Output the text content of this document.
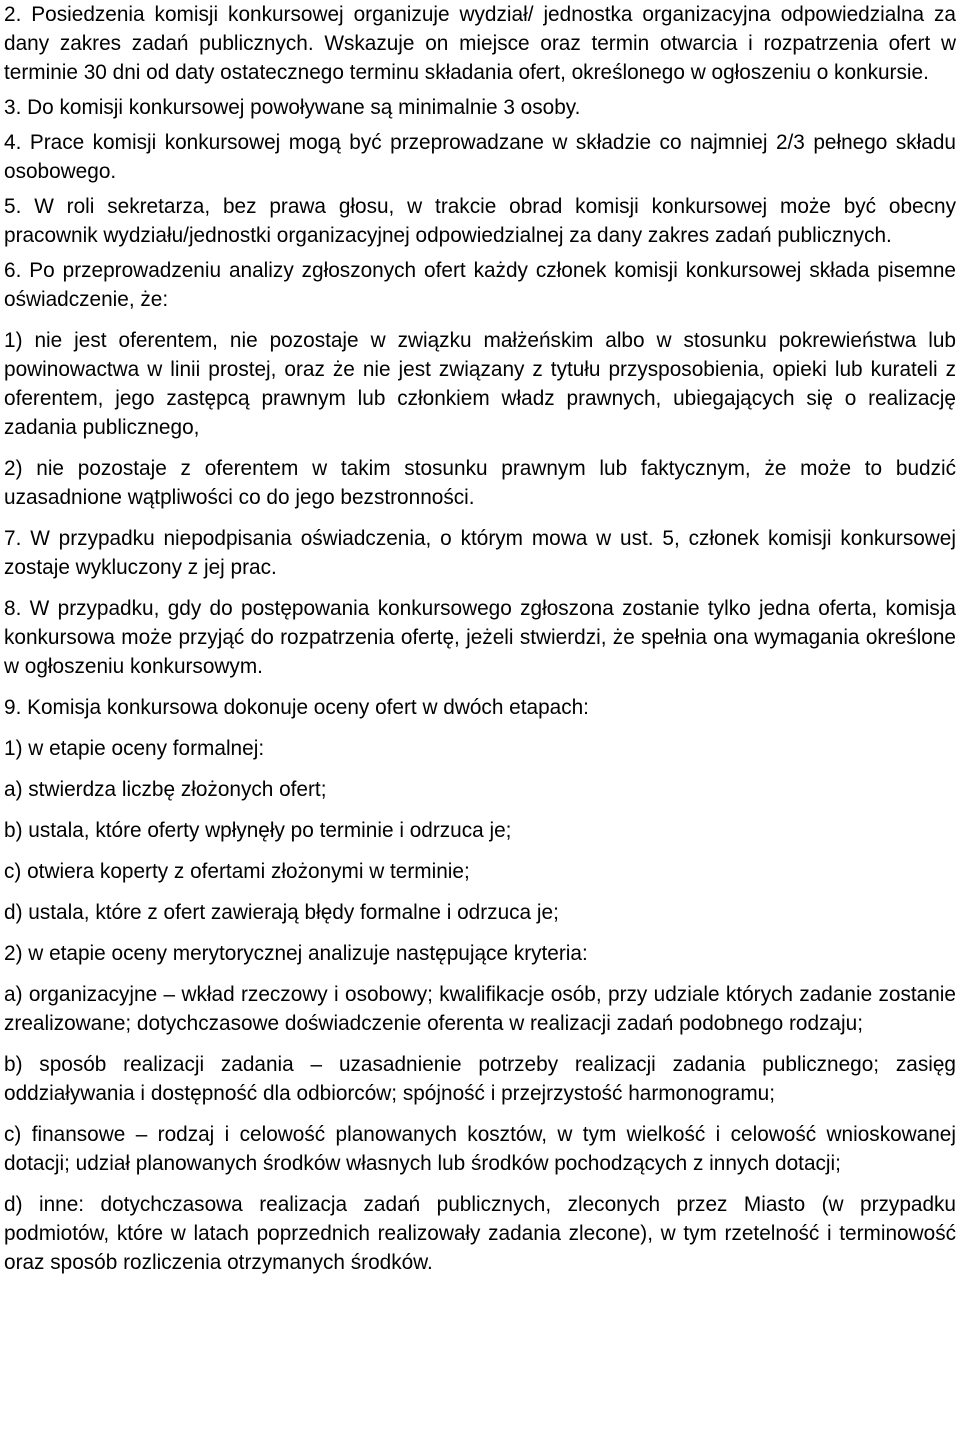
2. Posiedzenia komisji konkursowej organizuje wydział/ jednostka organizacyjna odpowiedzialna za dany zakres zadań publicznych. Wskazuje on miejsce oraz termin otwarcia i rozpatrzenia ofert w terminie 30 dni od daty ostatecznego terminu składania ofert, określonego w ogłoszeniu o konkursie.

3. Do komisji konkursowej powoływane są minimalnie 3 osoby.

4. Prace komisji konkursowej mogą być przeprowadzane w składzie co najmniej 2/3 pełnego składu osobowego.

5. W roli sekretarza, bez prawa głosu, w trakcie obrad komisji konkursowej może być obecny pracownik wydziału/jednostki organizacyjnej odpowiedzialnej za dany zakres zadań publicznych.

6. Po przeprowadzeniu analizy zgłoszonych ofert każdy członek komisji konkursowej składa pisemne oświadczenie, że:

1) nie jest oferentem, nie pozostaje w związku małżeńskim albo w stosunku pokrewieństwa lub powinowactwa w linii prostej, oraz że nie jest związany z tytułu przysposobienia, opieki lub kurateli z oferentem, jego zastępcą prawnym lub członkiem władz prawnych, ubiegających się o realizację zadania publicznego,

2) nie pozostaje z oferentem w takim stosunku prawnym lub faktycznym, że może to budzić uzasadnione wątpliwości co do jego bezstronności.

7. W przypadku niepodpisania oświadczenia, o którym mowa w ust. 5, członek komisji konkursowej zostaje wykluczony z jej prac.

8. W przypadku, gdy do postępowania konkursowego zgłoszona zostanie tylko jedna oferta, komisja konkursowa może przyjąć do rozpatrzenia ofertę, jeżeli stwierdzi, że spełnia ona wymagania określone w ogłoszeniu konkursowym.

9. Komisja konkursowa dokonuje oceny ofert w dwóch etapach:

1) w etapie oceny formalnej:

a) stwierdza liczbę złożonych ofert;

b) ustala, które oferty wpłynęły po terminie i odrzuca je;

c) otwiera koperty z ofertami złożonymi w terminie;

d) ustala, które z ofert zawierają błędy formalne i odrzuca je;

2) w etapie oceny merytorycznej analizuje następujące kryteria:

a) organizacyjne – wkład rzeczowy i osobowy; kwalifikacje osób, przy udziale których zadanie zostanie zrealizowane; dotychczasowe doświadczenie oferenta w realizacji zadań podobnego rodzaju;

b) sposób realizacji zadania – uzasadnienie potrzeby realizacji zadania publicznego; zasięg oddziaływania i dostępność dla odbiorców; spójność i przejrzystość harmonogramu;

c) finansowe – rodzaj i celowość planowanych kosztów, w tym wielkość i celowość wnioskowanej dotacji; udział planowanych środków własnych lub środków pochodzących z innych dotacji;

d) inne: dotychczasowa realizacja zadań publicznych, zleconych przez Miasto (w przypadku podmiotów, które w latach poprzednich realizowały zadania zlecone), w tym rzetelność i terminowość oraz sposób rozliczenia otrzymanych środków.
